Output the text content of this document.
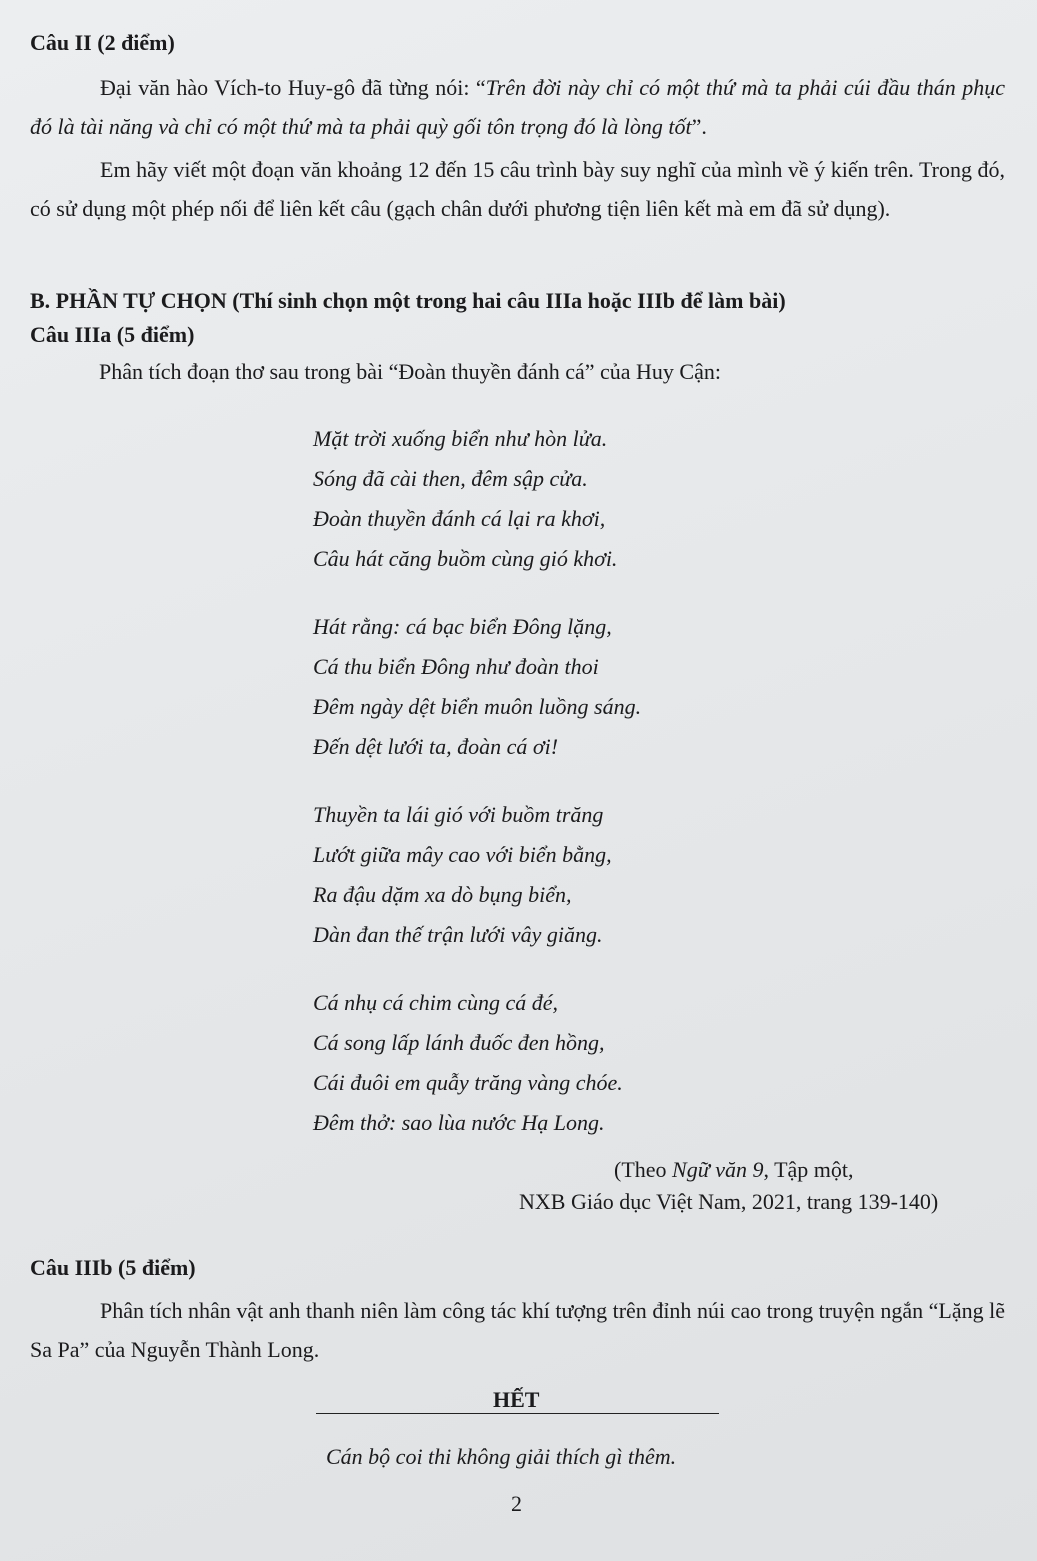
Câu II (2 điểm)
Đại văn hào Vích-to Huy-gô đã từng nói: “Trên đời này chỉ có một thứ mà ta phải cúi đầu thán phục đó là tài năng và chỉ có một thứ mà ta phải quỳ gối tôn trọng đó là lòng tốt”.
Em hãy viết một đoạn văn khoảng 12 đến 15 câu trình bày suy nghĩ của mình về ý kiến trên. Trong đó, có sử dụng một phép nối để liên kết câu (gạch chân dưới phương tiện liên kết mà em đã sử dụng).
B. PHẦN TỰ CHỌN (Thí sinh chọn một trong hai câu IIIa hoặc IIIb để làm bài)
Câu IIIa (5 điểm)
Phân tích đoạn thơ sau trong bài “Đoàn thuyền đánh cá” của Huy Cận:
Mặt trời xuống biển như hòn lửa.
Sóng đã cài then, đêm sập cửa.
Đoàn thuyền đánh cá lại ra khơi,
Câu hát căng buồm cùng gió khơi.
Hát rằng: cá bạc biển Đông lặng,
Cá thu biển Đông như đoàn thoi
Đêm ngày dệt biển muôn luồng sáng.
Đến dệt lưới ta, đoàn cá ơi!
Thuyền ta lái gió với buồm trăng
Lướt giữa mây cao với biển bằng,
Ra đậu dặm xa dò bụng biển,
Dàn đan thế trận lưới vây giăng.
Cá nhụ cá chim cùng cá đé,
Cá song lấp lánh đuốc đen hồng,
Cái đuôi em quẫy trăng vàng chóe.
Đêm thở: sao lùa nước Hạ Long.
(Theo Ngữ văn 9, Tập một,
NXB Giáo dục Việt Nam, 2021, trang 139-140)
Câu IIIb (5 điểm)
Phân tích nhân vật anh thanh niên làm công tác khí tượng trên đỉnh núi cao trong truyện ngắn “Lặng lẽ Sa Pa” của Nguyễn Thành Long.
HẾT
Cán bộ coi thi không giải thích gì thêm.
2
